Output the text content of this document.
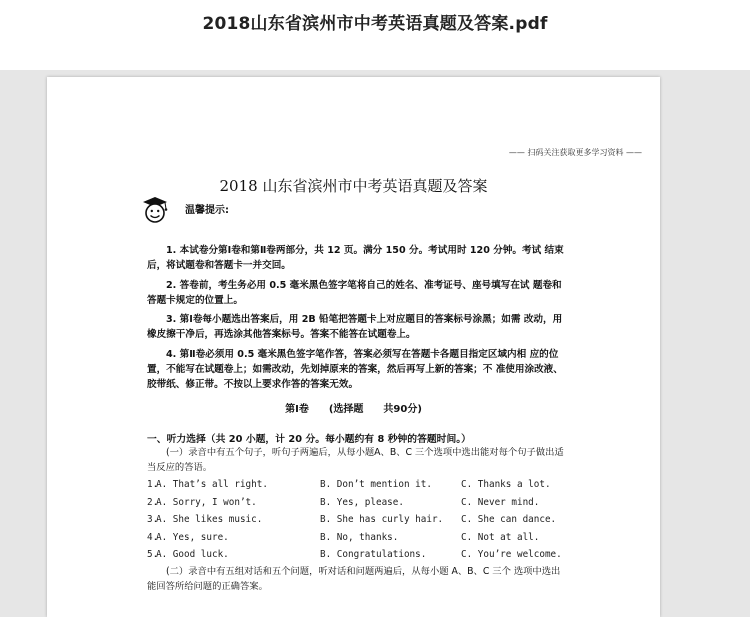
2018山东省滨州市中考英语真题及答案.pdf
—— 扫码关注获取更多学习资料 ——
2018 山东省滨州市中考英语真题及答案
温馨提示:
1. 本试卷分第Ⅰ卷和第Ⅱ卷两部分，共 12 页。满分 150 分。考试用时 120 分钟。考试 结束后，将试题卷和答题卡一并交回。
2. 答卷前，考生务必用 0.5 毫米黑色签字笔将自己的姓名、准考证号、座号填写在试 题卷和答题卡规定的位置上。
3. 第Ⅰ卷每小题选出答案后，用 2B 铅笔把答题卡上对应题目的答案标号涂黑；如需 改动，用橡皮擦干净后，再选涂其他答案标号。答案不能答在试题卷上。
4. 第Ⅱ卷必须用 0.5 毫米黑色签字笔作答，答案必须写在答题卡各题目指定区域内相 应的位置，不能写在试题卷上；如需改动，先划掉原来的答案，然后再写上新的答案；不 准使用涂改液、胶带纸、修正带。不按以上要求作答的答案无效。
第Ⅰ卷　　(选择题　　共90分)
一、听力选择（共 20 小题，计 20 分。每小题约有 8 秒钟的答题时间。）
(一）录音中有五个句子，听句子两遍后，从每小题A、B、C 三个选项中选出能对每个句子做出适当反应的答语。
1.
A. That’s all right.	B. Don’t mention it.	C. Thanks a lot.
2.
A. Sorry, I won’t.	B. Yes, please.	C. Never mind.
3.
A. She likes music.	B. She has curly hair. C. She can dance.
4.
A. Yes, sure.	B. No, thanks.	C. Not at all.
5.
A. Good luck.	B. Congratulations.	C. You’re welcome.
(二）录音中有五组对话和五个问题，听对话和问题两遍后，从每小题 A、B、C 三个 选项中选出能回答所给问题的正确答案。
